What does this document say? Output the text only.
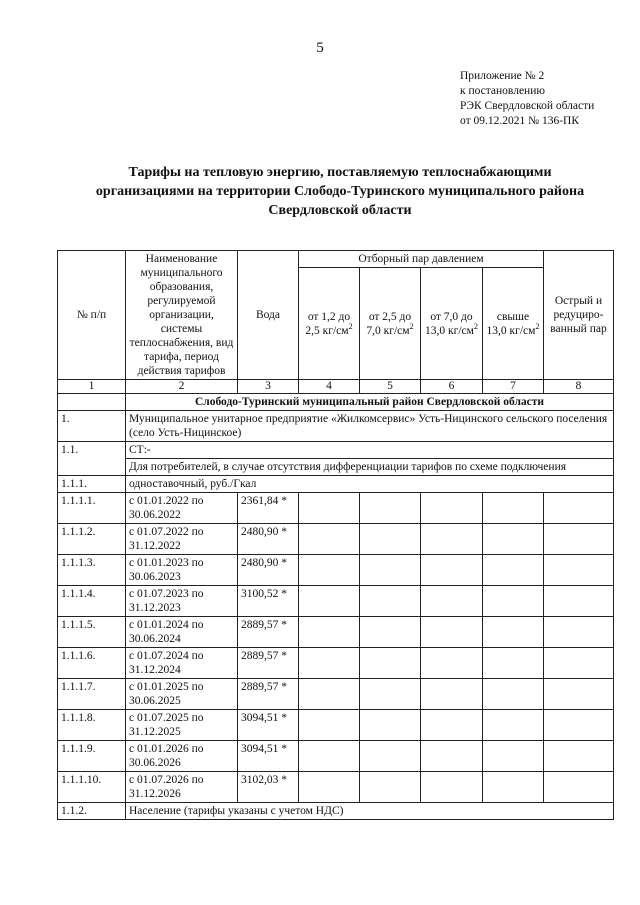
5
Приложение № 2
к постановлению
РЭК Свердловской области
от 09.12.2021 № 136-ПК
Тарифы на тепловую энергию, поставляемую теплоснабжающими
организациями на территории Слободо-Туринского муниципального района
Свердловской области
№ п/п	Наименование муниципального образования, регулируемой организации, системы теплоснабжения, вид тарифа, период действия тарифов	Вода	Отборный пар давлением				Острый и редуциро-ванный пар
			от 1,2 до 2,5 $кг/см^2$	от 2,5 до 7,0 $кг/см^2$	от 7,0 до 13,0 $кг/см^2$	свыше 13,0 $кг/см^2$
1	2	3	4	5	6	7	8
	Слободо-Туринский муниципальный район Свердловской области						
1.	Муниципальное унитарное предприятие «Жилкомсервис» Усть-Ницинского сельского поселения (село Усть-Ницинское)						
1.1.	СТ:-						
	Для потребителей, в случае отсутствия дифференциации тарифов по схеме подключения						
1.1.1.	одноставочный, руб./Гкал						
1.1.1.1.	с 01.01.2022 по 30.06.2022	2361,84 *					
1.1.1.2.	с 01.07.2022 по 31.12.2022	2480,90 *					
1.1.1.3.	с 01.01.2023 по 30.06.2023	2480,90 *					
1.1.1.4.	с 01.07.2023 по 31.12.2023	3100,52 *					
1.1.1.5.	с 01.01.2024 по 30.06.2024	2889,57 *					
1.1.1.6.	с 01.07.2024 по 31.12.2024	2889,57 *					
1.1.1.7.	с 01.01.2025 по 30.06.2025	2889,57 *					
1.1.1.8.	с 01.07.2025 по 31.12.2025	3094,51 *					
1.1.1.9.	с 01.01.2026 по 30.06.2026	3094,51 *					
1.1.1.10.	с 01.07.2026 по 31.12.2026	3102,03 *					
1.1.2.	Население (тарифы указаны с учетом НДС)						
